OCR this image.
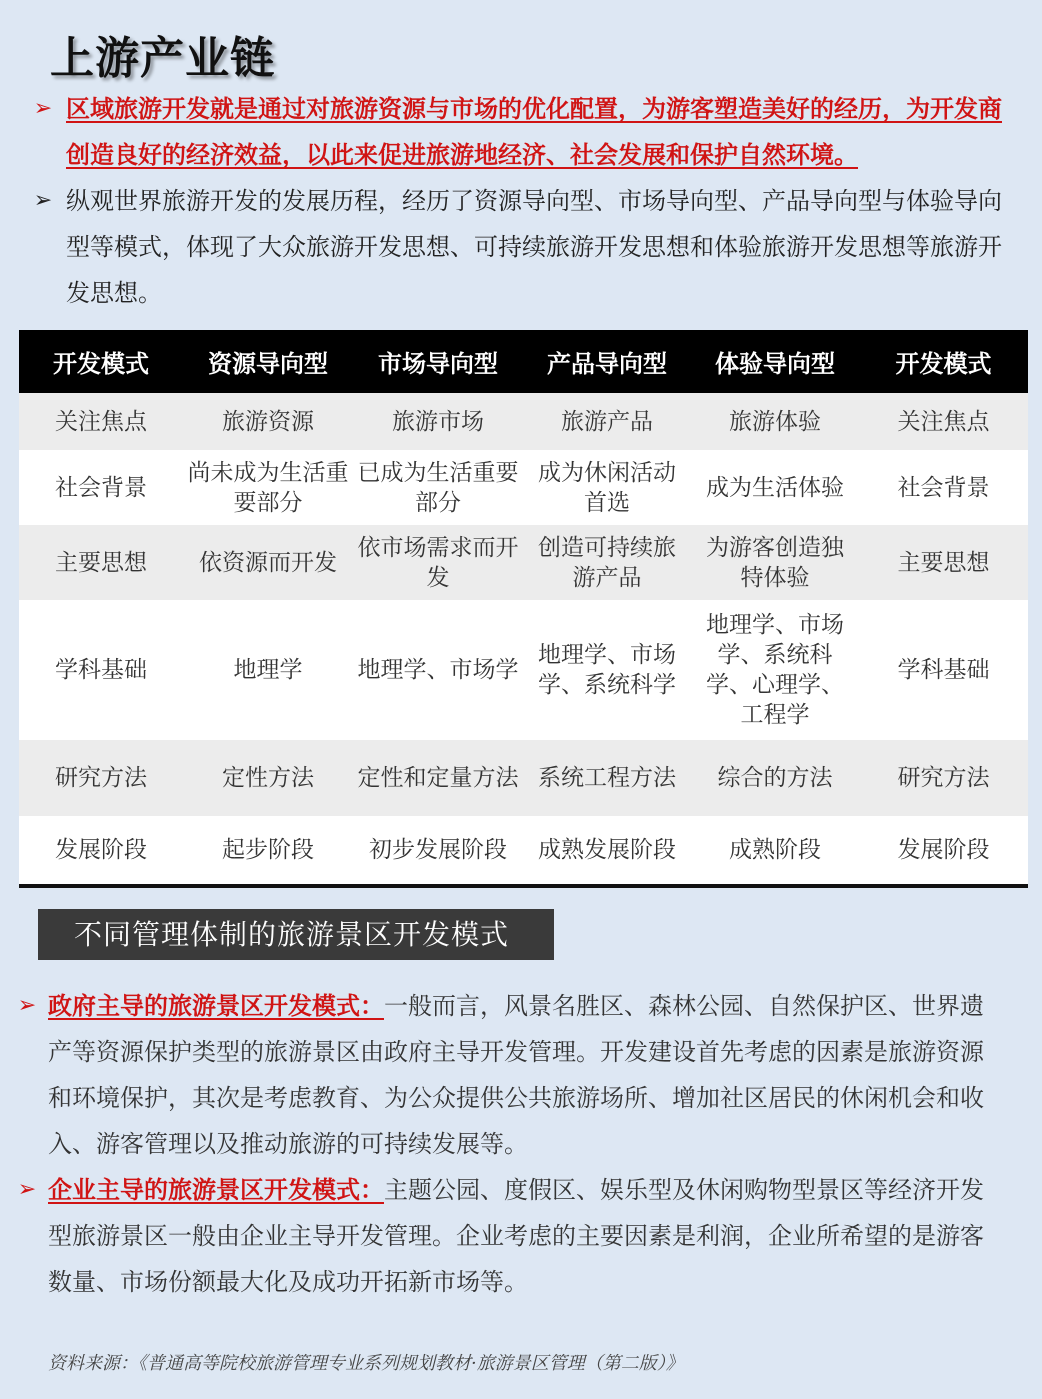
上游产业链
➢ 区域旅游开发就是通过对旅游资源与市场的优化配置，为游客塑造美好的经历，为开发商创造良好的经济效益，以此来促进旅游地经济、社会发展和保护自然环境。
➢ 纵观世界旅游开发的发展历程，经历了资源导向型、市场导向型、产品导向型与体验导向型等模式，体现了大众旅游开发思想、可持续旅游开发思想和体验旅游开发思想等旅游开发思想。
开发模式	资源导向型	市场导向型	产品导向型	体验导向型	开发模式
关注焦点	旅游资源	旅游市场	旅游产品	旅游体验	关注焦点
社会背景	尚未成为生活重要部分	已成为生活重要部分	成为休闲活动首选	成为生活体验	社会背景
主要思想	依资源而开发	依市场需求而开发	创造可持续旅游产品	为游客创造独特体验	主要思想
学科基础	地理学	地理学、市场学	地理学、市场学、系统科学	地理学、市场学、系统科学、心理学、工程学	学科基础
研究方法	定性方法	定性和定量方法	系统工程方法	综合的方法	研究方法
发展阶段	起步阶段	初步发展阶段	成熟发展阶段	成熟阶段	发展阶段
不同管理体制的旅游景区开发模式
➢ 政府主导的旅游景区开发模式：一般而言，风景名胜区、森林公园、自然保护区、世界遗产等资源保护类型的旅游景区由政府主导开发管理。开发建设首先考虑的因素是旅游资源和环境保护，其次是考虑教育、为公众提供公共旅游场所、增加社区居民的休闲机会和收入、游客管理以及推动旅游的可持续发展等。
➢ 企业主导的旅游景区开发模式：主题公园、度假区、娱乐型及休闲购物型景区等经济开发型旅游景区一般由企业主导开发管理。企业考虑的主要因素是利润，企业所希望的是游客数量、市场份额最大化及成功开拓新市场等。
资料来源：《普通高等院校旅游管理专业系列规划教材·旅游景区管理（第二版）》
